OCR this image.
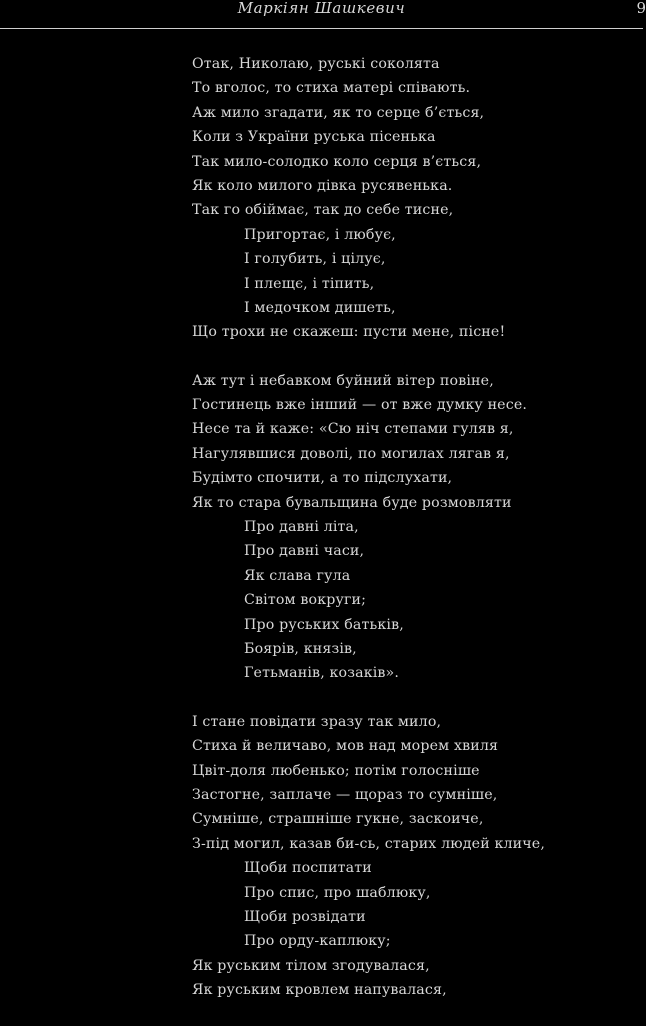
Маркіян Шашкевич	9
Отак, Николаю, руські соколята
То вголос, то стиха матері співають.
Аж мило згадати, як то серце б’ється,
Коли з України руська пісенька
Так мило-солодко коло серця в’ється,
Як коло милого дівка русявенька.
Так го обіймає, так до себе тисне,
Пригортає, і любує,
І голубить, і цілує,
І плещє, і тіпить,
І медочком дишеть,
Що трохи не скажеш: пусти мене, пісне!
Аж тут і небавком буйний вітер повіне,
Гостинець вже інший — от вже думку несе.
Несе та й каже: «Сю ніч степами гуляв я,
Нагулявшися доволі, по могилах лягав я,
Будімто спочити, а то підслухати,
Як то стара бувальщина буде розмовляти
Про давні літа,
Про давні часи,
Як слава гула
Світом вокруги;
Про руських батьків,
Боярів, князів,
Гетьманів, козаків».
І стане повідати зразу так мило,
Стиха й величаво, мов над морем хвиля
Цвіт-доля любенько; потім голосніше
Застогне, заплаче — щораз то сумніше,
Сумніше, страшніше гукне, заскоиче,
З-під могил, казав би-сь, старих людей кличе,
Щоби поспитати
Про спис, про шаблюку,
Щоби розвідати
Про орду-каплюку;
Як руським тілом згодувалася,
Як руським кровлем напувалася,
